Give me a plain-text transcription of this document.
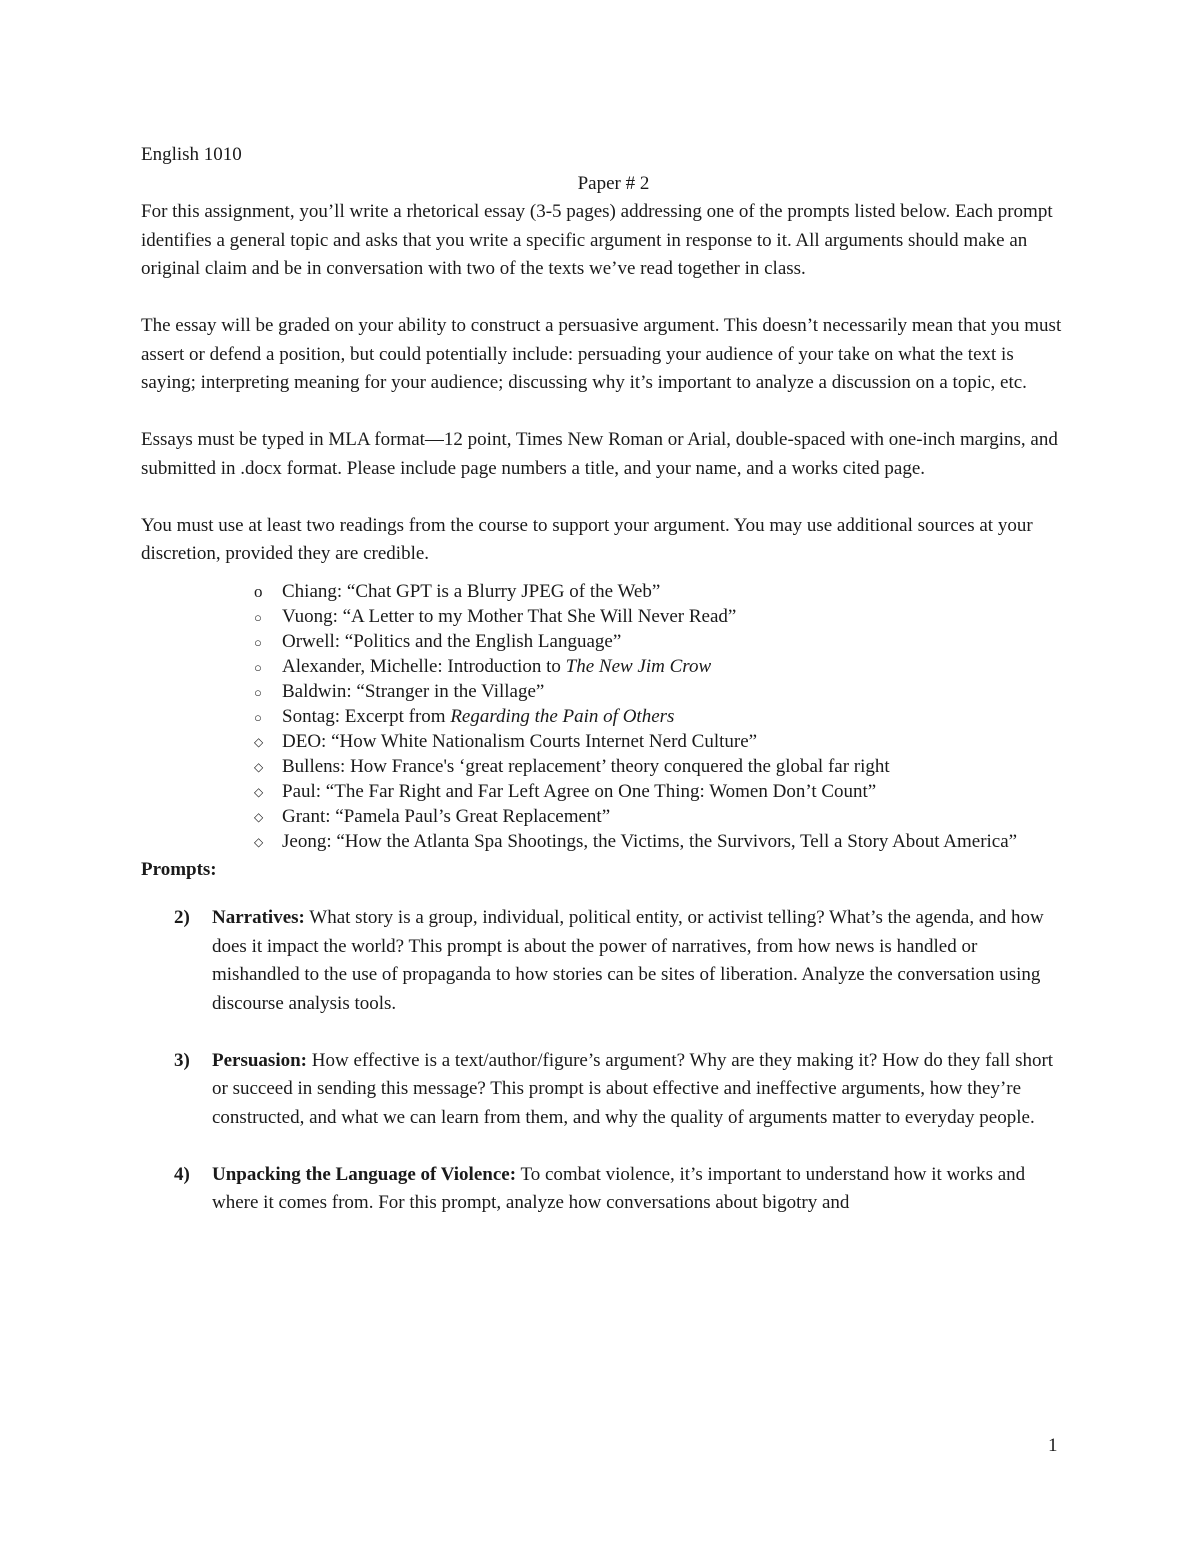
English 1010
Paper # 2

For this assignment, you’ll write a rhetorical essay (3-5 pages) addressing one of the prompts listed below. Each prompt identifies a general topic and asks that you write a specific argument in response to it. All arguments should make an original claim and be in conversation with two of the texts we’ve read together in class.

The essay will be graded on your ability to construct a persuasive argument. This doesn’t necessarily mean that you must assert or defend a position, but could potentially include: persuading your audience of your take on what the text is saying; interpreting meaning for your audience; discussing why it’s important to analyze a discussion on a topic, etc.

Essays must be typed in MLA format—12 point, Times New Roman or Arial, double-spaced with one-inch margins, and submitted in .docx format. Please include page numbers a title, and your name, and a works cited page.

You must use at least two readings from the course to support your argument. You may use additional sources at your discretion, provided they are credible.

o Chiang: “Chat GPT is a Blurry JPEG of the Web”
○ Vuong: “A Letter to my Mother That She Will Never Read”
○ Orwell: “Politics and the English Language”
○ Alexander, Michelle: Introduction to The New Jim Crow
○ Baldwin: “Stranger in the Village”
○ Sontag: Excerpt from Regarding the Pain of Others
◇ DEO: “How White Nationalism Courts Internet Nerd Culture”
◇ Bullens: How France's ‘great replacement’ theory conquered the global far right
◇ Paul: “The Far Right and Far Left Agree on One Thing: Women Don’t Count”
◇ Grant: “Pamela Paul’s Great Replacement”
◇ Jeong: “How the Atlanta Spa Shootings, the Victims, the Survivors, Tell a Story About America”
Prompts:
2) Narratives: What story is a group, individual, political entity, or activist telling? What’s the agenda, and how does it impact the world? This prompt is about the power of narratives, from how news is handled or mishandled to the use of propaganda to how stories can be sites of liberation. Analyze the conversation using discourse analysis tools.
3) Persuasion: How effective is a text/author/figure’s argument? Why are they making it? How do they fall short or succeed in sending this message? This prompt is about effective and ineffective arguments, how they’re constructed, and what we can learn from them, and why the quality of arguments matter to everyday people.
4) Unpacking the Language of Violence: To combat violence, it’s important to understand how it works and where it comes from. For this prompt, analyze how conversations about bigotry and
1
